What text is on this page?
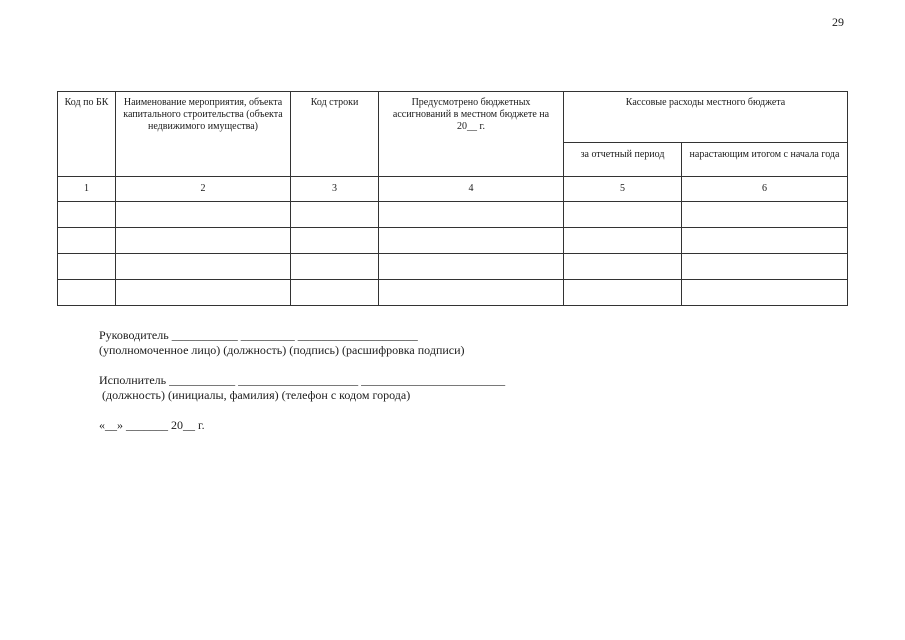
29
Код по БК	Наименование мероприятия, объекта капитального строительства (объекта недвижимого имущества)	Код строки	Предусмотрено бюджетных ассигнований в местном бюджете на 20__ г.	Кассовые расходы местного бюджета	
				за отчетный период	нарастающим итогом с начала года
1	2	3	4	5	6

Руководитель ___________ _________ ____________________
(уполномоченное лицо) (должность) (подпись) (расшифровка подписи)
Исполнитель ___________ ____________________ ________________________
(должность) (инициалы, фамилия) (телефон с кодом города)
«__» _______ 20__ г.
